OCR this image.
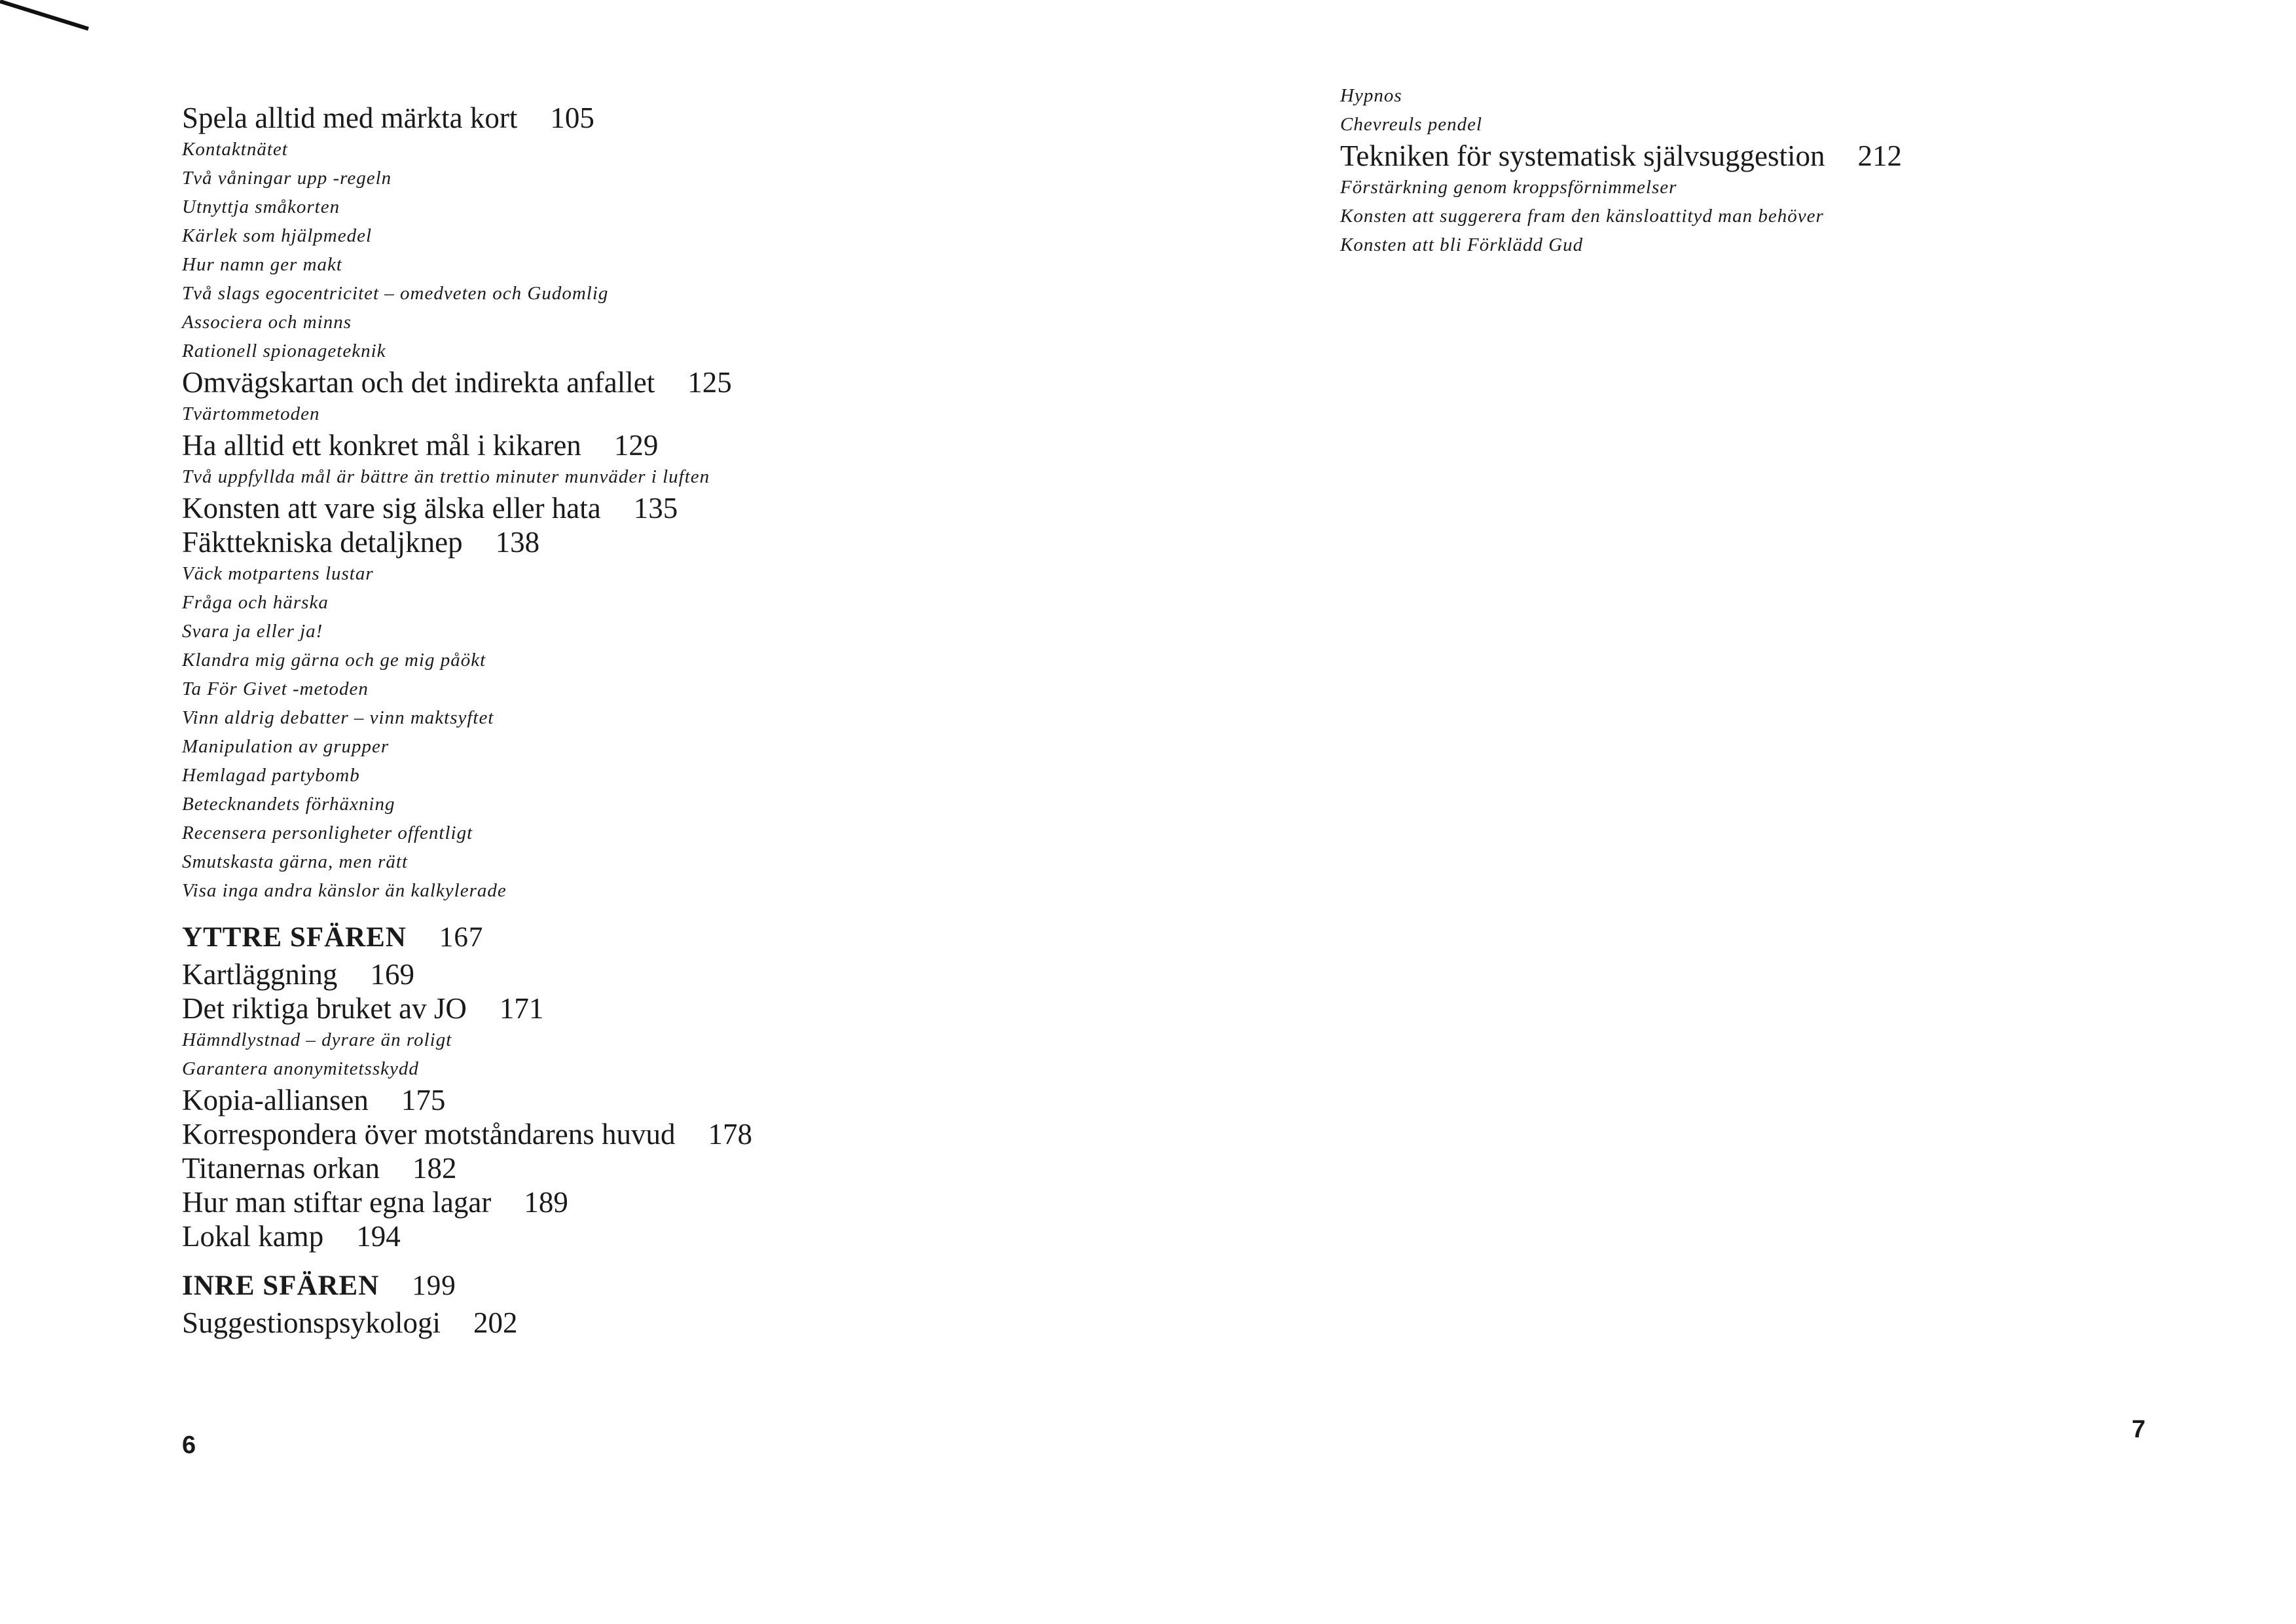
Spela alltid med märkta kort 105
Kontaktnätet
Två våningar upp -regeln
Utnyttja småkorten
Kärlek som hjälpmedel
Hur namn ger makt
Två slags egocentricitet – omedveten och Gudomlig
Associera och minns
Rationell spionageteknik
Omvägskartan och det indirekta anfallet 125
Tvärtommetoden
Ha alltid ett konkret mål i kikaren 129
Två uppfyllda mål är bättre än trettio minuter munväder i luften
Konsten att vare sig älska eller hata 135
Fäkttekniska detaljknep 138
Väck motpartens lustar
Fråga och härska
Svara ja eller ja!
Klandra mig gärna och ge mig påökt
Ta För Givet -metoden
Vinn aldrig debatter – vinn maktsyftet
Manipulation av grupper
Hemlagad partybomb
Betecknandets förhäxning
Recensera personligheter offentligt
Smutskasta gärna, men rätt
Visa inga andra känslor än kalkylerade
YTTRE SFÄREN 167
Kartläggning 169
Det riktiga bruket av JO 171
Hämndlystnad – dyrare än roligt
Garantera anonymitetsskydd
Kopia-alliansen 175
Korrespondera över motståndarens huvud 178
Titanernas orkan 182
Hur man stiftar egna lagar 189
Lokal kamp 194
INRE SFÄREN 199
Suggestionspsykologi 202
6
Hypnos
Chevreuls pendel
Tekniken för systematisk självsuggestion 212
Förstärkning genom kroppsförnimmelser
Konsten att suggerera fram den känsloattityd man behöver
Konsten att bli Förklädd Gud
7
